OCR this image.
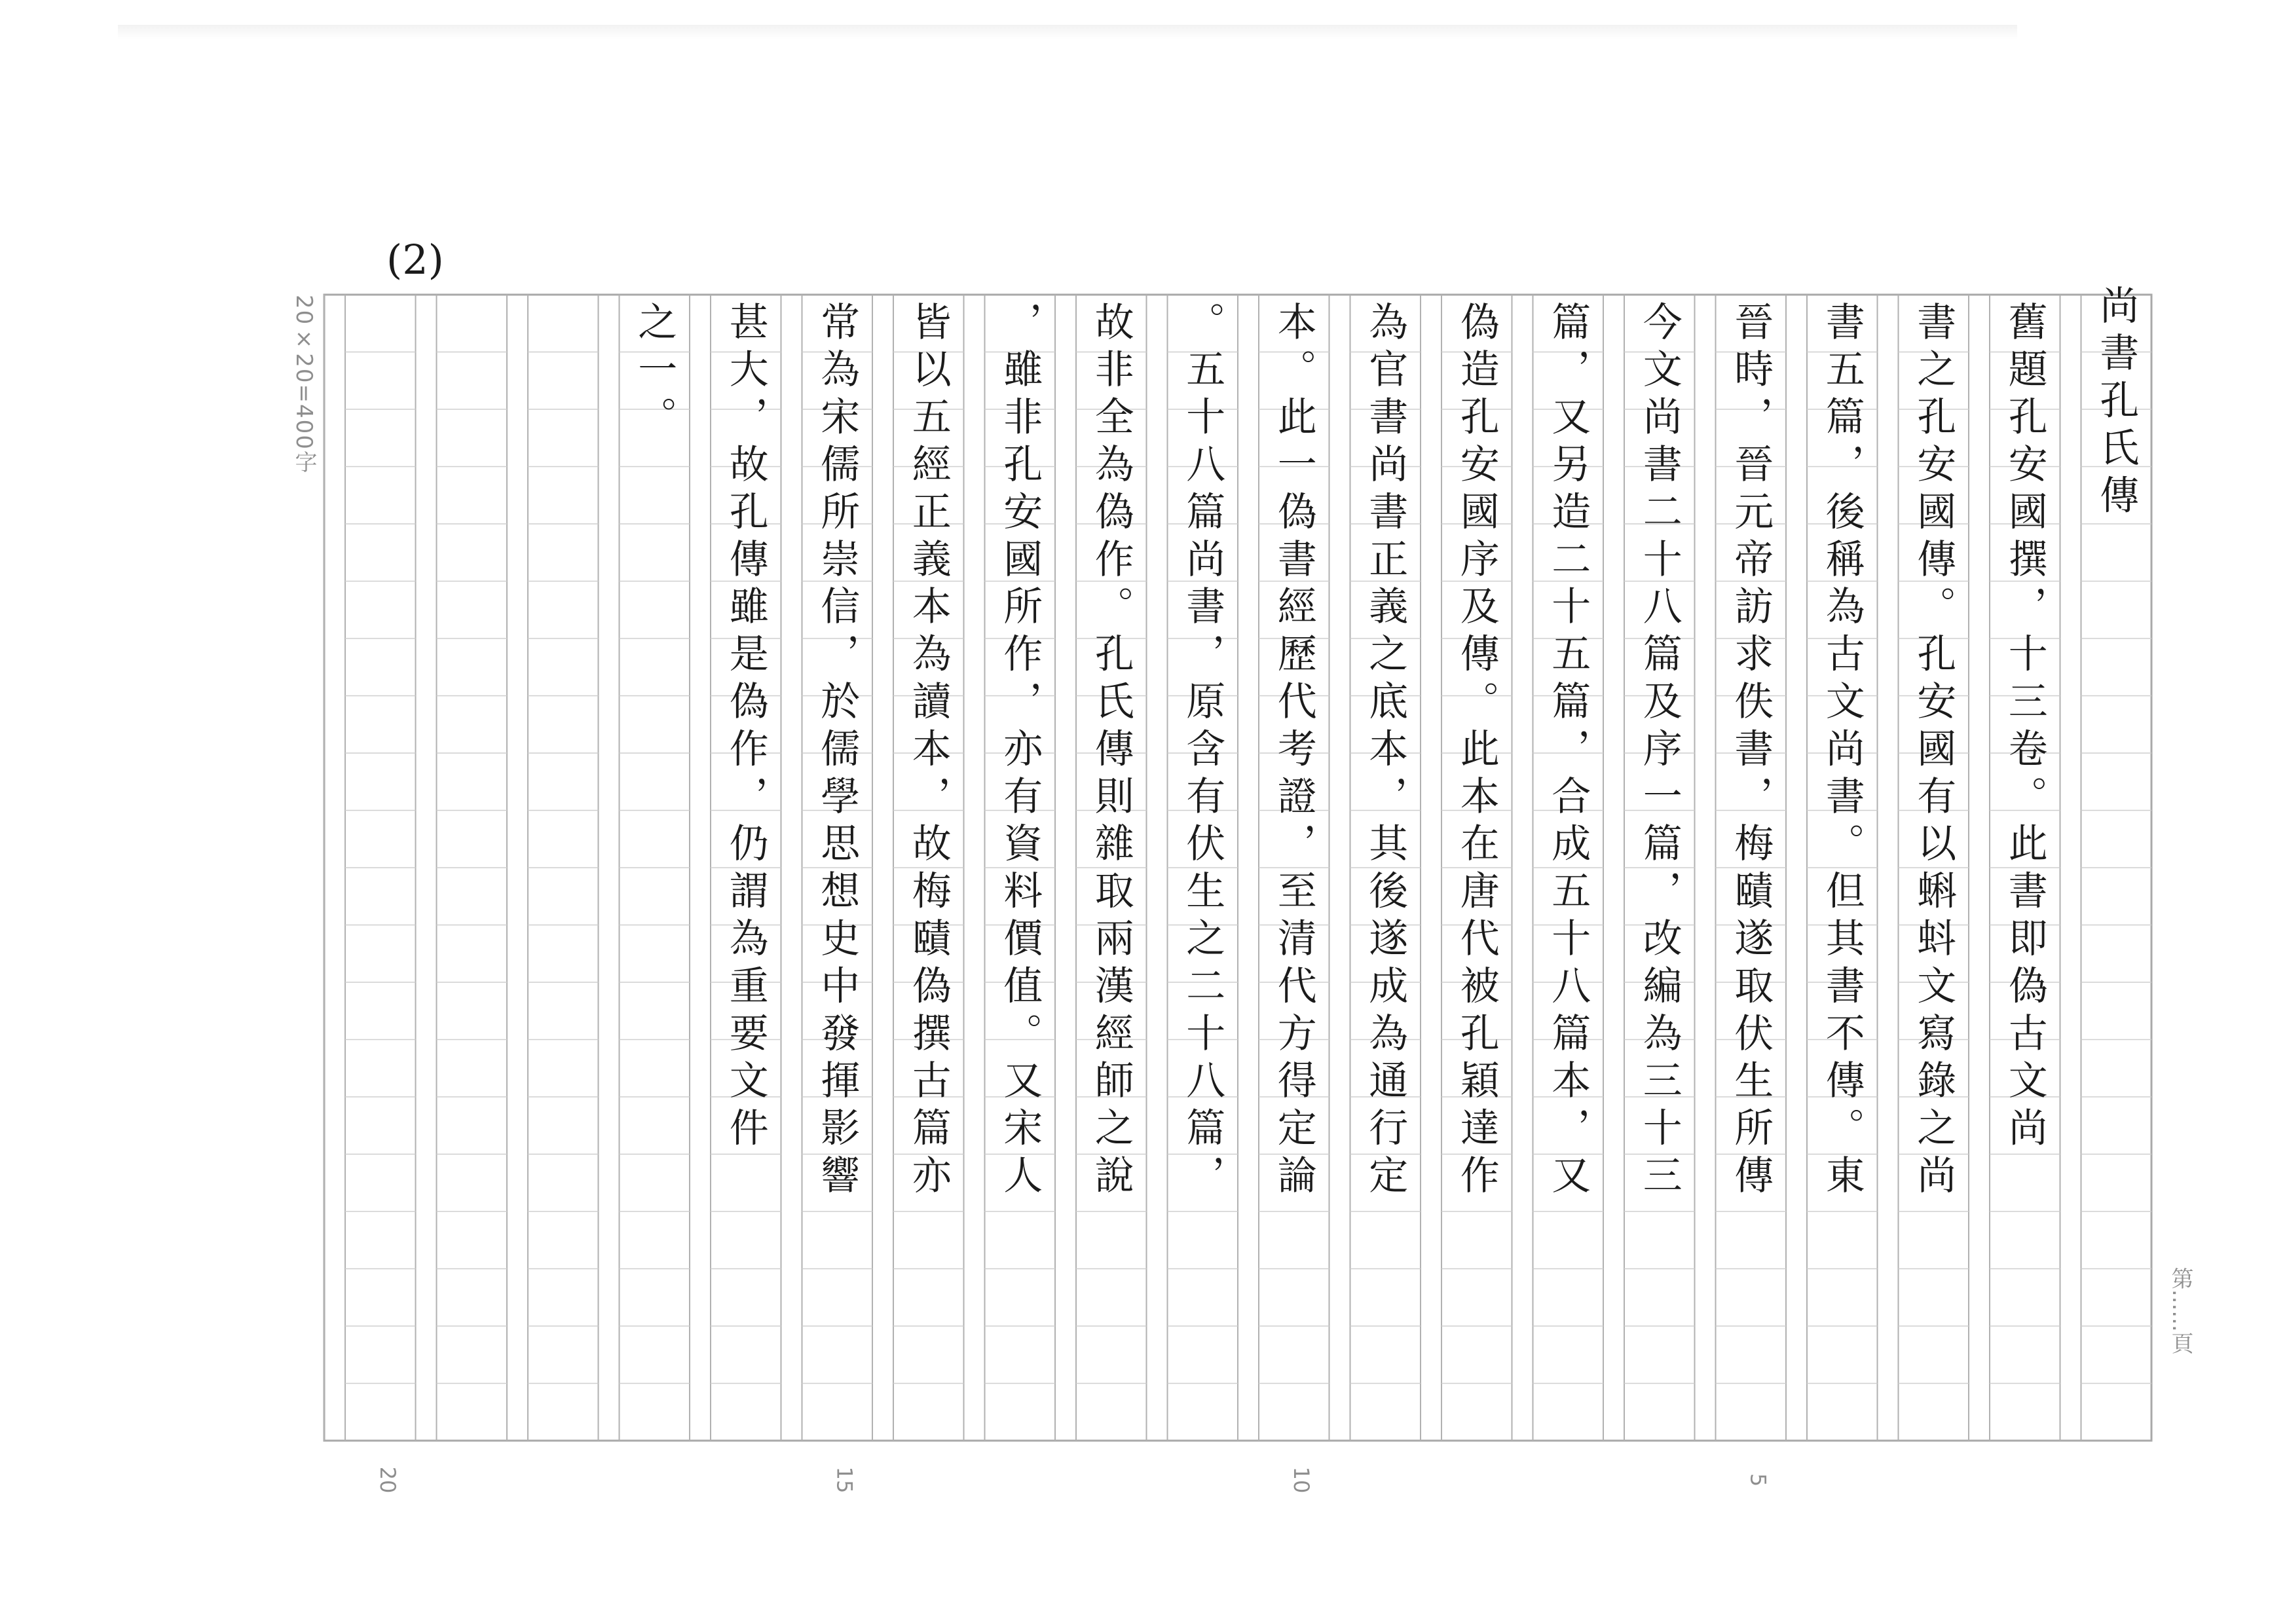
(2)
20×20=400字
第......頁
5
10
15
20
尚書孔氏傳
舊題孔安國撰，十三卷。此書即偽古文尚
書之孔安國傳。孔安國有以蝌蚪文寫錄之尚
書五篇，後稱為古文尚書。但其書不傳。東
晉時，晉元帝訪求佚書，梅賾遂取伏生所傳
今文尚書二十八篇及序一篇，改編為三十三
篇，又另造二十五篇，合成五十八篇本，又
偽造孔安國序及傳。此本在唐代被孔穎達作
為官書尚書正義之底本，其後遂成為通行定
本。此一偽書經歷代考證，至清代方得定論
。五十八篇尚書，原含有伏生之二十八篇，
故非全為偽作。孔氏傳則雜取兩漢經師之說
，雖非孔安國所作，亦有資料價值。又宋人
皆以五經正義本為讀本，故梅賾偽撰古篇亦
常為宋儒所崇信，於儒學思想史中發揮影響
甚大，故孔傳雖是偽作，仍謂為重要文件
之一。
